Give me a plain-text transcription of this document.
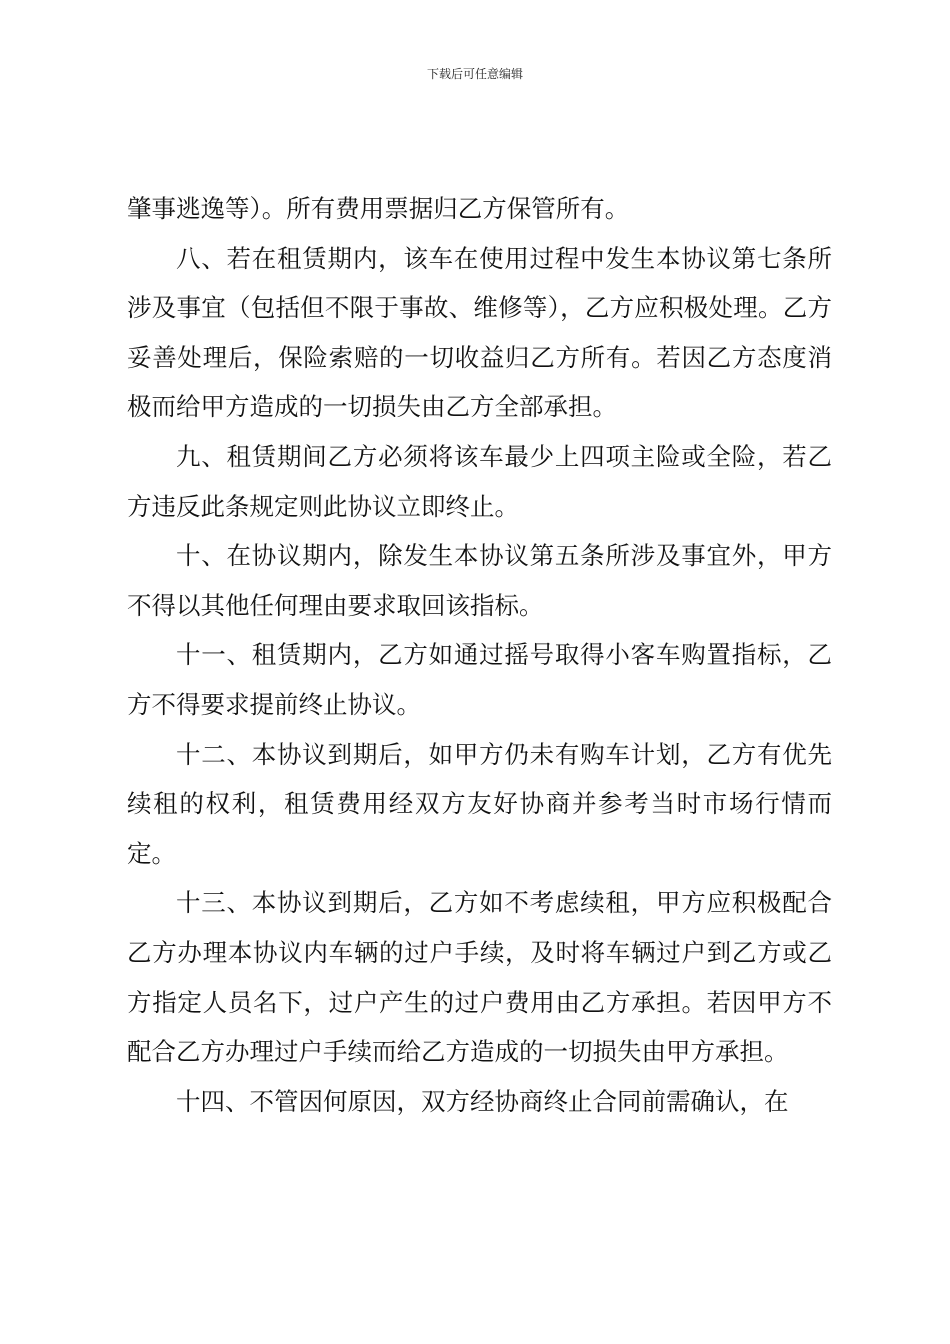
下载后可任意编辑

肇事逃逸等）。所有费用票据归乙方保管所有。

八、若在租赁期内，该车在使用过程中发生本协议第七条所涉及事宜（包括但不限于事故、维修等），乙方应积极处理。乙方妥善处理后，保险索赔的一切收益归乙方所有。若因乙方态度消极而给甲方造成的一切损失由乙方全部承担。

九、租赁期间乙方必须将该车最少上四项主险或全险，若乙方违反此条规定则此协议立即终止。

十、在协议期内，除发生本协议第五条所涉及事宜外，甲方不得以其他任何理由要求取回该指标。

十一、租赁期内，乙方如通过摇号取得小客车购置指标，乙方不得要求提前终止协议。

十二、本协议到期后，如甲方仍未有购车计划，乙方有优先续租的权利，租赁费用经双方友好协商并参考当时市场行情而定。

十三、本协议到期后，乙方如不考虑续租，甲方应积极配合乙方办理本协议内车辆的过户手续，及时将车辆过户到乙方或乙方指定人员名下，过户产生的过户费用由乙方承担。若因甲方不配合乙方办理过户手续而给乙方造成的一切损失由甲方承担。

十四、不管因何原因，双方经协商终止合同前需确认，在
